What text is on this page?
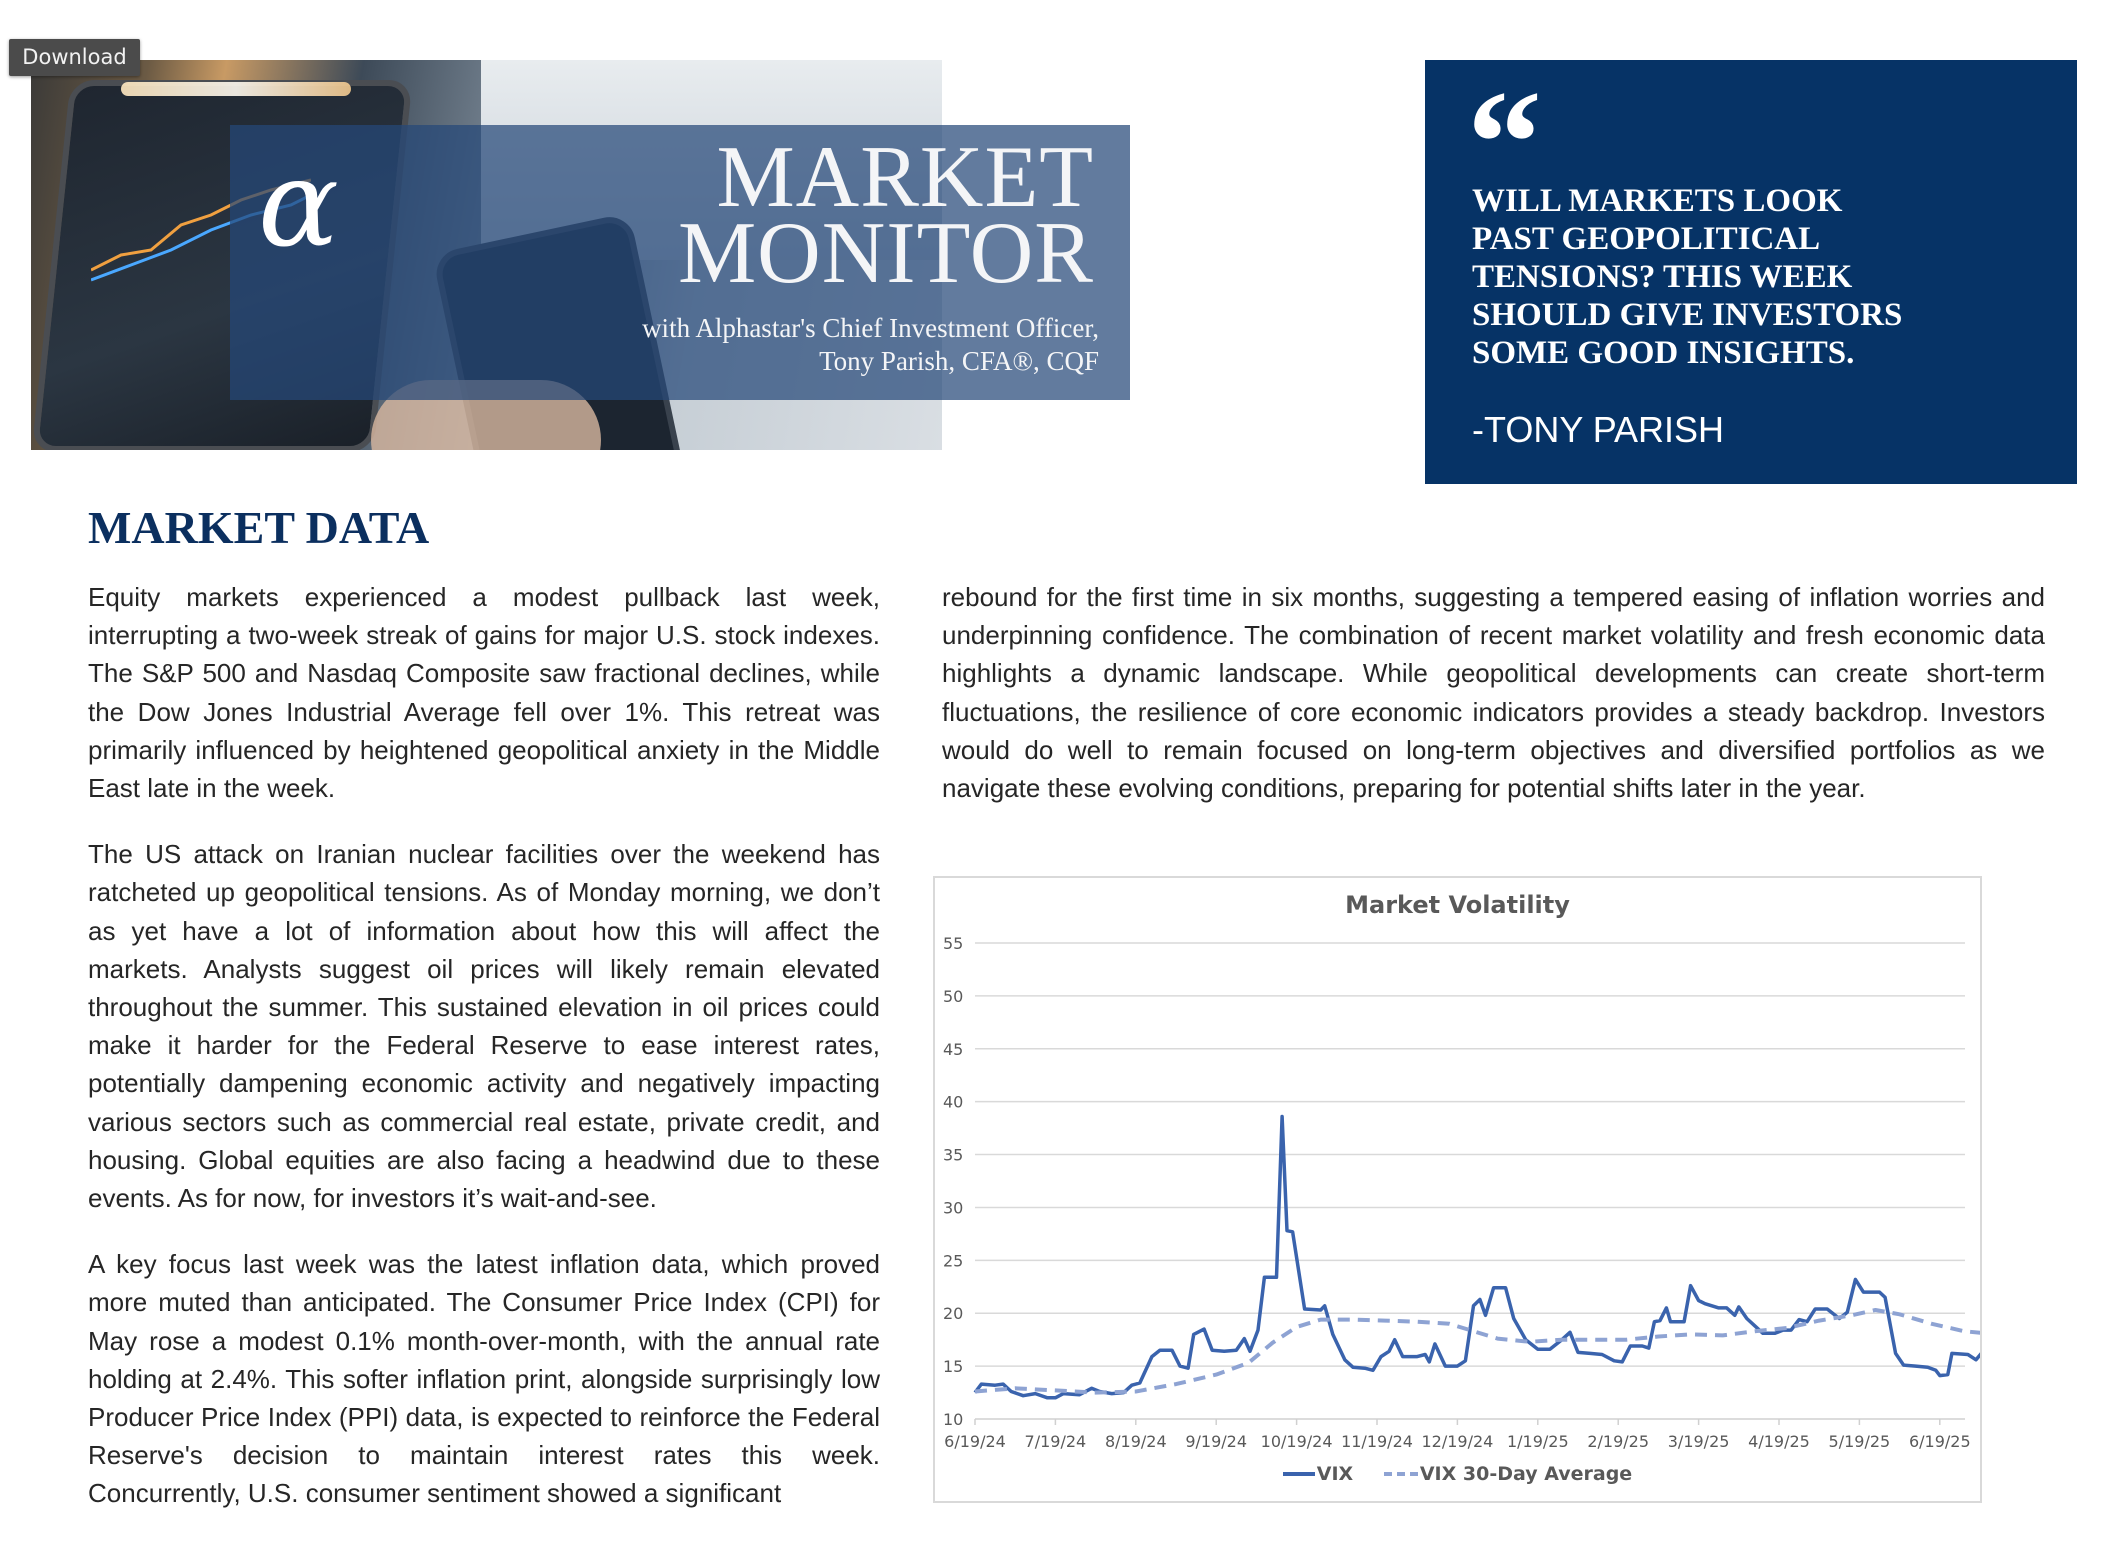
Download
α	MARKET
MONITOR
with Alphastar's Chief Investment Officer,
Tony Parish, CFA®, CQF
“
WILL MARKETS LOOK
PAST GEOPOLITICAL
TENSIONS? THIS WEEK
SHOULD GIVE INVESTORS
SOME GOOD INSIGHTS.
-TONY PARISH
MARKET DATA

Equity markets experienced a modest pullback last week, interrupting a two-week streak of gains for major U.S. stock indexes. The S&P 500 and Nasdaq Composite saw fractional declines, while the Dow Jones Industrial Average fell over 1%. This retreat was primarily influenced by heightened geopolitical anxiety in the Middle East late in the week.

The US attack on Iranian nuclear facilities over the weekend has ratcheted up geopolitical tensions. As of Monday morning, we don’t as yet have a lot of information about how this will affect the markets. Analysts suggest oil prices will likely remain elevated throughout the summer. This sustained elevation in oil prices could make it harder for the Federal Reserve to ease interest rates, potentially dampening economic activity and negatively impacting various sectors such as commercial real estate, private credit, and housing. Global equities are also facing a headwind due to these events. As for now, for investors it’s wait-and-see.

A key focus last week was the latest inflation data, which proved more muted than anticipated. The Consumer Price Index (CPI) for May rose a modest 0.1% month-over-month, with the annual rate holding at 2.4%. This softer inflation print, alongside surprisingly low Producer Price Index (PPI) data, is expected to reinforce the Federal Reserve's decision to maintain interest rates this week. Concurrently, U.S. consumer sentiment showed a significant

rebound for the first time in six months, suggesting a tempered easing of inflation worries and underpinning confidence. The combination of recent market volatility and fresh economic data highlights a dynamic landscape. While geopolitical developments can create short-term fluctuations, the resilience of core economic indicators provides a steady backdrop. Investors would do well to remain focused on long-term objectives and diversified portfolios as we navigate these evolving conditions, preparing for potential shifts later in the year.

10
15
20
25
30
35
40
45
50
55
6/19/24 7/19/24 8/19/24 9/19/24 10/19/24 11/19/24 12/19/24 1/19/25 2/19/25 3/19/25 4/19/25 5/19/25 6/19/25
Market Volatility
VIX	VIX 30-Day Average
